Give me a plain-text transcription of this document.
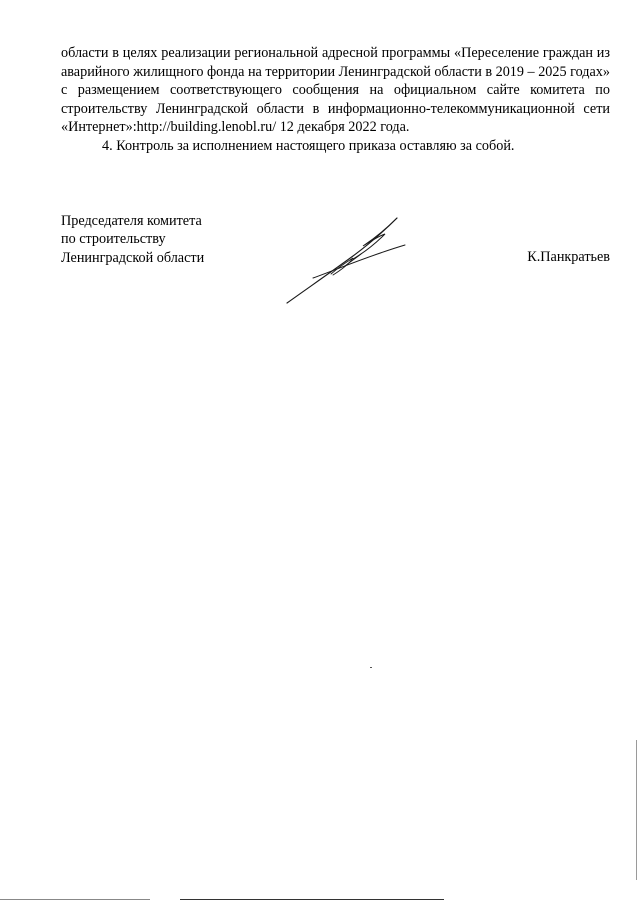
области в целях реализации региональной адресной программы «Переселение граждан из аварийного жилищного фонда на территории Ленинградской области в 2019 – 2025 годах» с размещением соответствующего сообщения на официальном сайте комитета по строительству Ленинградской области в информационно-телекоммуникационной сети «Интернет»:http://building.lenobl.ru/ 12 декабря 2022 года.

4. Контроль за исполнением настоящего приказа оставляю за собой.

Председателя комитета
по строительству
Ленинградской области	К.Панкратьев
